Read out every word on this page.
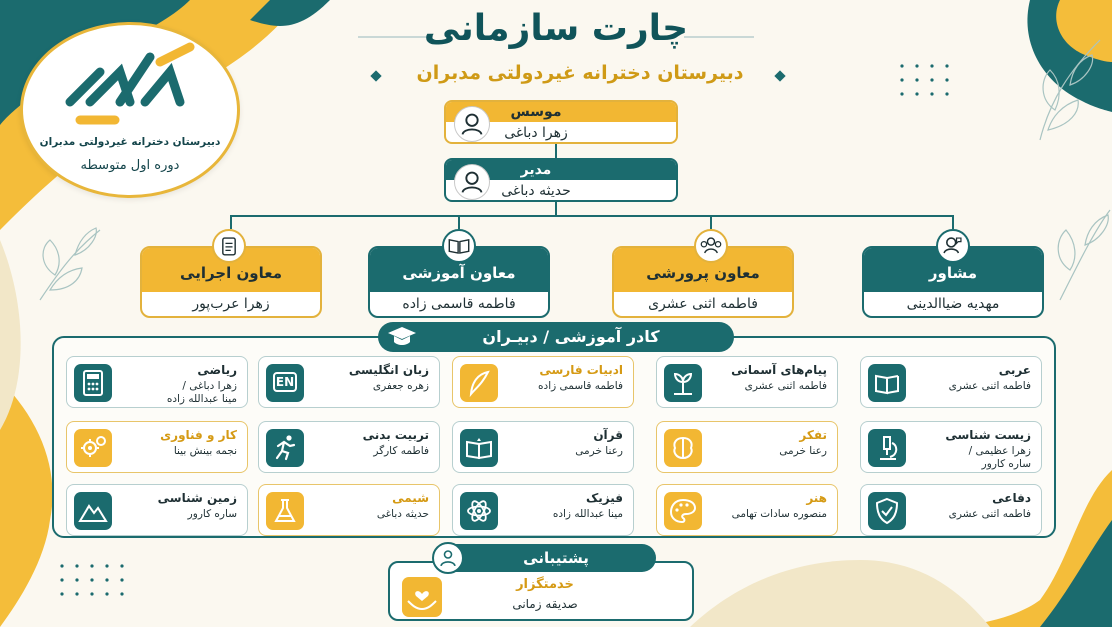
دبیرستان دخترانه غیردولتی مدبران
دوره اول متوسطه
چارت سازمانی
دبیرستان دخترانه غیردولتی مدبران
موسس
زهرا دباغی
مدیر
حدیثه دباغی
مشاور
مهدیه ضیاالدینی
معاون پرورشی
فاطمه اثنی عشری
معاون آموزشی
فاطمه قاسمی زاده
معاون اجرایی
زهرا عرب‌پور
کادر آموزشی / دبیـران
عربی
فاطمه اثنی عشری
پیام‌های آسمانی
فاطمه اثنی عشری
ادبیات فارسی
فاطمه قاسمی زاده
زبان انگلیسی
زهره جعفری
EN
ریاضی
زهرا دباغی /
مینا عبدالله زاده
زیست شناسی
زهرا عظیمی /
ساره کارور
تفکر
رعنا خرمی
قرآن
رعنا خرمی
تربیت بدنی
فاطمه کارگر
کار و فناوری
نجمه بینش بینا
دفاعی
فاطمه اثنی عشری
هنر
منصوره سادات تهامی
فیزیک
مینا عبدالله زاده
شیمی
حدیثه دباغی
زمین شناسی
ساره کارور
پشتیبانی
خدمتگزار
صدیقه زمانی
